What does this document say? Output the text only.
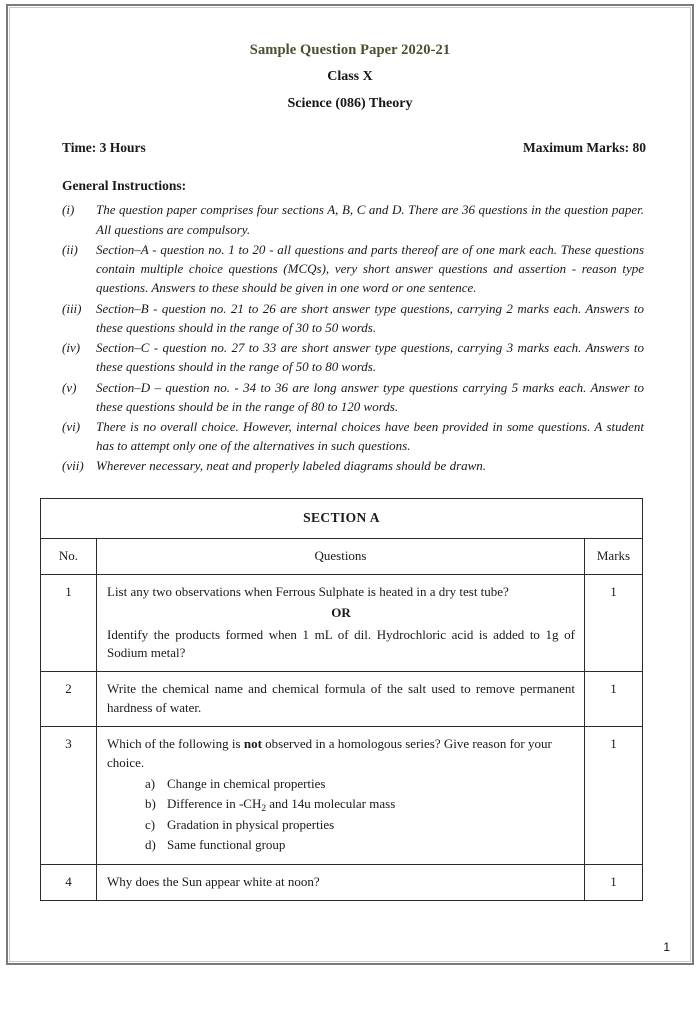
Sample Question Paper 2020-21
Class X
Science (086) Theory
Time: 3 Hours	Maximum Marks: 80
General Instructions:
(i)	The question paper comprises four sections A, B, C and D. There are 36 questions in the question paper. All questions are compulsory.
(ii)	Section–A - question no. 1 to 20 - all questions and parts thereof are of one mark each. These questions contain multiple choice questions (MCQs), very short answer questions and assertion - reason type questions. Answers to these should be given in one word or one sentence.
(iii)	Section–B - question no. 21 to 26 are short answer type questions, carrying 2 marks each. Answers to these questions should in the range of 30 to 50 words.
(iv)	Section–C - question no. 27 to 33 are short answer type questions, carrying 3 marks each. Answers to these questions should in the range of 50 to 80 words.
(v)	Section–D – question no. - 34 to 36 are long answer type questions carrying 5 marks each. Answer to these questions should be in the range of 80 to 120 words.
(vi)	There is no overall choice. However, internal choices have been provided in some questions. A student has to attempt only one of the alternatives in such questions.
(vii) Wherever necessary, neat and properly labeled diagrams should be drawn.
SECTION A		
No.	Questions	Marks
1	List any two observations when Ferrous Sulphate is heated in a dry test tube?
OR
Identify the products formed when 1 mL of dil. Hydrochloric acid is added to 1g of Sodium metal?	1
2	Write the chemical name and chemical formula of the salt used to remove permanent hardness of water.	1
3	Which of the following is not observed in a homologous series? Give reason for your choice.
a) Change in chemical properties
b) Difference in $-CH_2$ and 14u molecular mass
c) Gradation in physical properties
d) Same functional group
	1
4	Why does the Sun appear white at noon?	1
1
